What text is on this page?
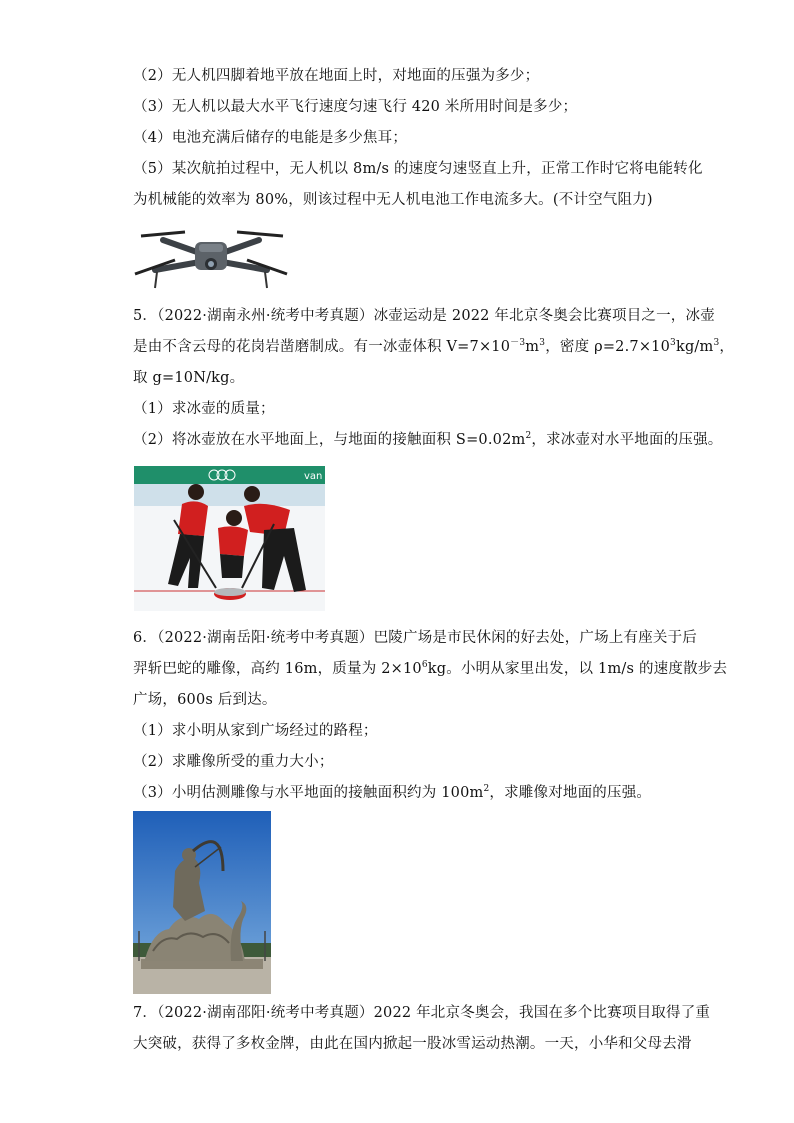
（2）无人机四脚着地平放在地面上时，对地面的压强为多少；
（3）无人机以最大水平飞行速度匀速飞行 420 米所用时间是多少；
（4）电池充满后储存的电能是多少焦耳；
（5）某次航拍过程中，无人机以 8m/s 的速度匀速竖直上升，正常工作时它将电能转化
为机械能的效率为 80%，则该过程中无人机电池工作电流多大。(不计空气阻力)
5．（2022·湖南永州·统考中考真题）冰壶运动是 2022 年北京冬奥会比赛项目之一，冰壶
是由不含云母的花岗岩凿磨制成。有一冰壶体积 $V=7\times 10^{-3}m^3$，密度 $\rho=2.7\times 10^3kg/m^3$，
取 g=10N/kg。
（1）求冰壶的质量；
（2）将冰壶放在水平地面上，与地面的接触面积 $S=0.02m^2$，求冰壶对水平地面的压强。
van
6．（2022·湖南岳阳·统考中考真题）巴陵广场是市民休闲的好去处，广场上有座关于后
羿斩巴蛇的雕像，高约 16m，质量为 $2\times 10^6kg$。小明从家里出发，以 1m/s 的速度散步去
广场，600s 后到达。
（1）求小明从家到广场经过的路程；
（2）求雕像所受的重力大小；
（3）小明估测雕像与水平地面的接触面积约为 $100m^2$，求雕像对地面的压强。
7．（2022·湖南邵阳·统考中考真题）2022 年北京冬奥会，我国在多个比赛项目取得了重
大突破，获得了多枚金牌，由此在国内掀起一股冰雪运动热潮。一天，小华和父母去滑
